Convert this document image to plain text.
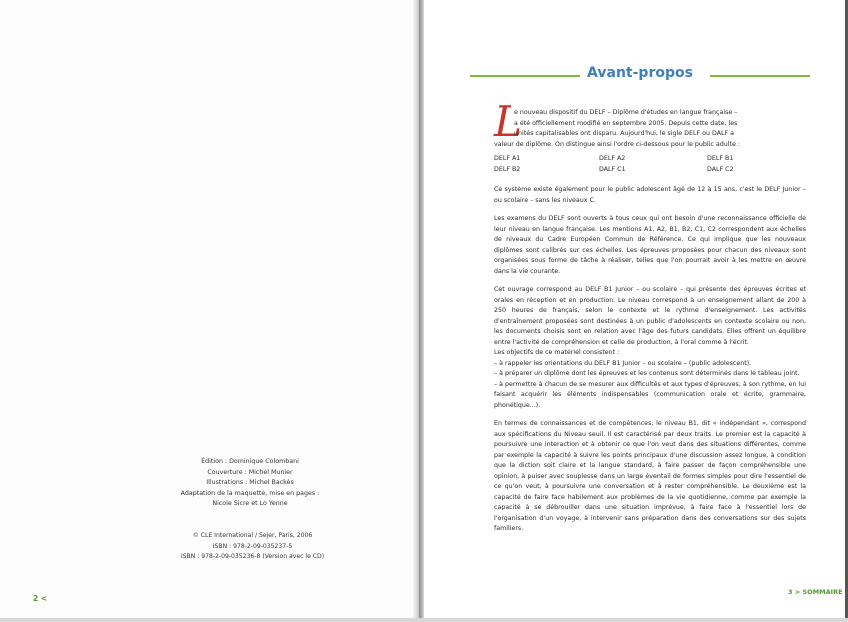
Édition : Dominique Colombani
Couverture : Michel Munier
Illustrations : Michel Backès
Adaptation de la maquette, mise en pages :
Nicole Sicre et Lo Yenne
© CLE International / Sejer, Paris, 2006
ISBN : 978-2-09-035237-5
ISBN : 978-2-09-035236-8 (Version avec le CD)
2 <
Avant-propos
L
e nouveau dispositif du DELF – Diplôme d'études en langue française –
a été officiellement modifié en septembre 2005. Depuis cette date, les
unités capitalisables ont disparu. Aujourd'hui, le sigle DELF ou DALF a
valeur de diplôme. On distingue ainsi l'ordre ci-dessous pour le public adulte :
DELF A1	DELF A2	DELF B1
DELF B2	DALF C1	DALF C2

Ce système existe également pour le public adolescent âgé de 12 à 15 ans, c'est le DELF Junior – ou scolaire – sans les niveaux C.

Les examens du DELF sont ouverts à tous ceux qui ont besoin d'une reconnaissance officielle de leur niveau en langue française. Les mentions A1, A2, B1, B2, C1, C2 correspondent aux échelles de niveaux du Cadre Européen Commun de Référence. Ce qui implique que les nouveaux diplômes sont calibrés sur ces échelles. Les épreuves proposées pour chacun des niveaux sont organisées sous forme de tâche à réaliser, telles que l'on pourrait avoir à les mettre en œuvre dans la vie courante.

Cet ouvrage correspond au DELF B1 Junior – ou scolaire – qui présente des épreuves écrites et orales en réception et en production. Le niveau correspond à un enseignement allant de 200 à 250 heures de français, selon le contexte et le rythme d'enseignement. Les activités d'entraînement proposées sont destinées à un public d'adolescents en contexte scolaire ou non, les documents choisis sont en relation avec l'âge des futurs candidats. Elles offrent un équilibre entre l'activité de compréhension et celle de production, à l'oral comme à l'écrit.

Les objectifs de ce matériel consistent :
– à rappeler les orientations du DELF B1 Junior – ou scolaire – (public adolescent).
– à préparer un diplôme dont les épreuves et les contenus sont déterminés dans le tableau joint.
– à permettre à chacun de se mesurer aux difficultés et aux types d'épreuves, à son rythme, en lui faisant acquérir les éléments indispensables (communication orale et écrite, grammaire, phonétique...).

En termes de connaissances et de compétences, le niveau B1, dit « indépendant », correspond aux spécifications du Niveau seuil. Il est caractérisé par deux traits. Le premier est la capacité à poursuivre une interaction et à obtenir ce que l'on veut dans des situations différentes, comme par exemple la capacité à suivre les points principaux d'une discussion assez longue, à condition que la diction soit claire et la langue standard, à faire passer de façon compréhensible une opinion, à puiser avec souplesse dans un large éventail de formes simples pour dire l'essentiel de ce qu'on veut, à poursuivre une conversation et à rester compréhensible. Le deuxième est la capacité de faire face habilement aux problèmes de la vie quotidienne, comme par exemple la capacité à se débrouiller dans une situation imprévue, à faire face à l'essentiel lors de l'organisation d'un voyage, à intervenir sans préparation dans des conversations sur des sujets familiers.

3 > SOMMAIRE
